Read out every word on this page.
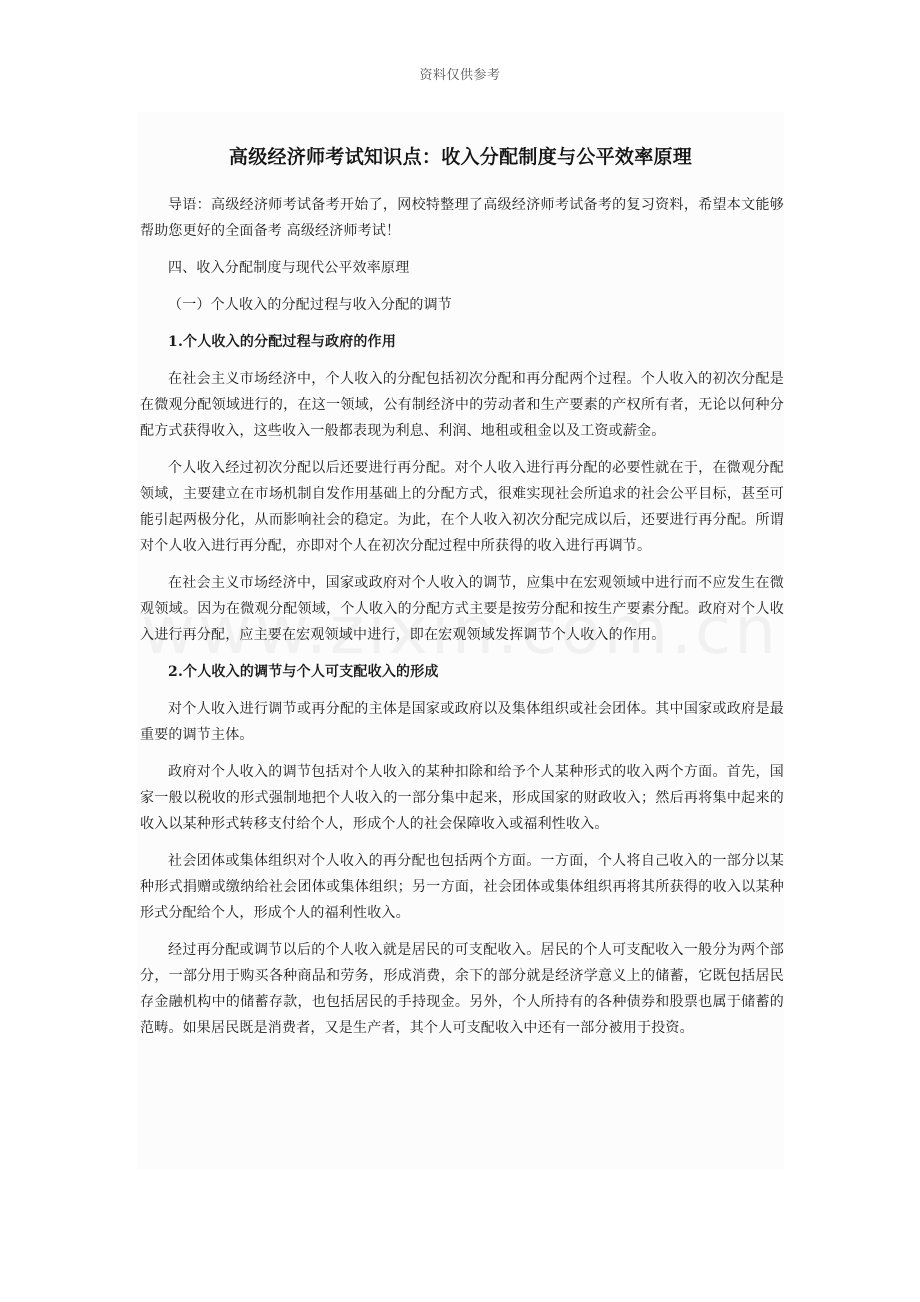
资料仅供参考
高级经济师考试知识点：收入分配制度与公平效率原理

导语：高级经济师考试备考开始了，网校特整理了高级经济师考试备考的复习资料，希望本文能够帮助您更好的全面备考 高级经济师考试！

四、收入分配制度与现代公平效率原理

（一）个人收入的分配过程与收入分配的调节

1.个人收入的分配过程与政府的作用

在社会主义市场经济中，个人收入的分配包括初次分配和再分配两个过程。个人收入的初次分配是在微观分配领域进行的，在这一领域，公有制经济中的劳动者和生产要素的产权所有者，无论以何种分配方式获得收入，这些收入一般都表现为利息、利润、地租或租金以及工资或薪金。

个人收入经过初次分配以后还要进行再分配。对个人收入进行再分配的必要性就在于，在微观分配领域，主要建立在市场机制自发作用基础上的分配方式，很难实现社会所追求的社会公平目标，甚至可能引起两极分化，从而影响社会的稳定。为此，在个人收入初次分配完成以后，还要进行再分配。所谓对个人收入进行再分配，亦即对个人在初次分配过程中所获得的收入进行再调节。

在社会主义市场经济中，国家或政府对个人收入的调节，应集中在宏观领域中进行而不应发生在微观领域。因为在微观分配领域，个人收入的分配方式主要是按劳分配和按生产要素分配。政府对个人收入进行再分配，应主要在宏观领域中进行，即在宏观领域发挥调节个人收入的作用。

2.个人收入的调节与个人可支配收入的形成

对个人收入进行调节或再分配的主体是国家或政府以及集体组织或社会团体。其中国家或政府是最重要的调节主体。

政府对个人收入的调节包括对个人收入的某种扣除和给予个人某种形式的收入两个方面。首先，国家一般以税收的形式强制地把个人收入的一部分集中起来，形成国家的财政收入；然后再将集中起来的收入以某种形式转移支付给个人，形成个人的社会保障收入或福利性收入。

社会团体或集体组织对个人收入的再分配也包括两个方面。一方面，个人将自己收入的一部分以某种形式捐赠或缴纳给社会团体或集体组织；另一方面，社会团体或集体组织再将其所获得的收入以某种形式分配给个人，形成个人的福利性收入。

经过再分配或调节以后的个人收入就是居民的可支配收入。居民的个人可支配收入一般分为两个部分，一部分用于购买各种商品和劳务，形成消费，余下的部分就是经济学意义上的储蓄，它既包括居民存金融机构中的储蓄存款，也包括居民的手持现金。另外，个人所持有的各种债券和股票也属于储蓄的范畴。如果居民既是消费者，又是生产者，其个人可支配收入中还有一部分被用于投资。
